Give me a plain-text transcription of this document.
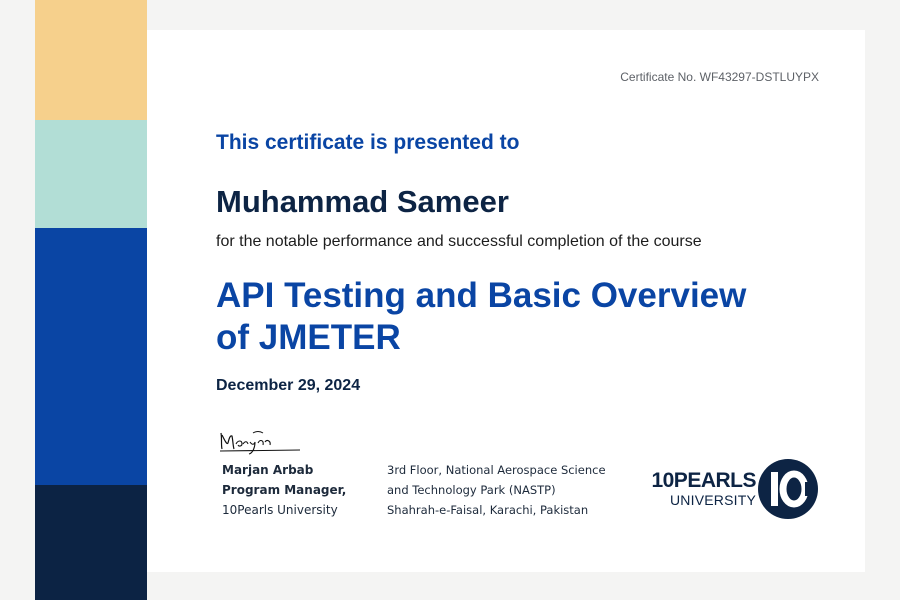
Certificate No. WF43297-DSTLUYPX
This certificate is presented to
Muhammad Sameer
for the notable performance and successful completion of the course
API Testing and Basic Overview
of JMETER
December 29, 2024
Marjan Arbab
Program Manager,
10Pearls University
3rd Floor, National Aerospace Science
and Technology Park (NASTP)
Shahrah-e-Faisal, Karachi, Pakistan
10PEARLS
UNIVERSITY
